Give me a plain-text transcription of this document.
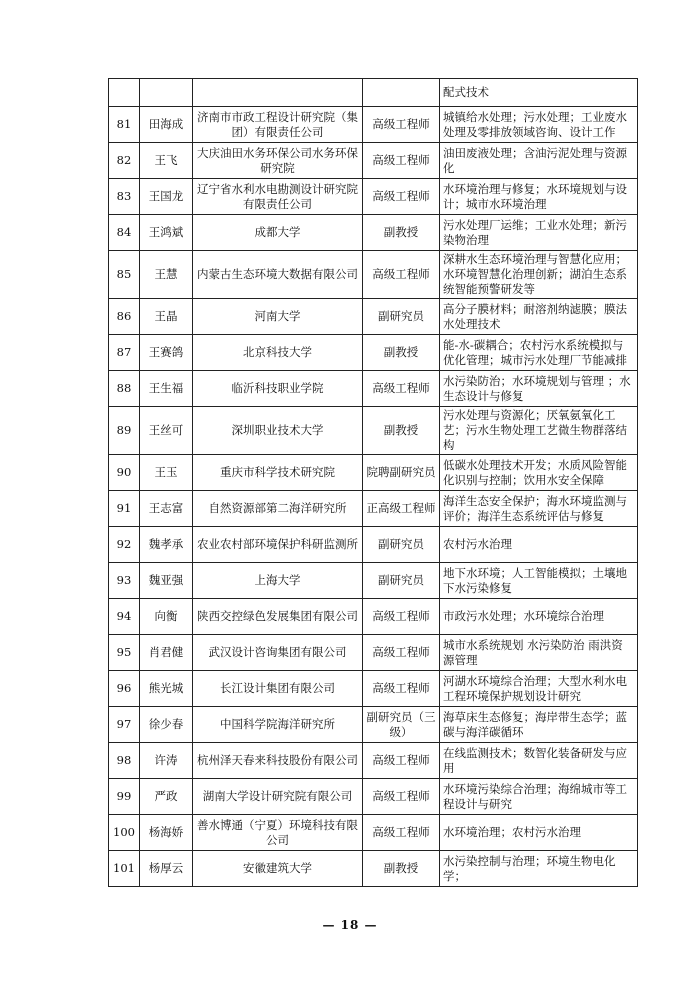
				配式技术
81	田海成	济南市市政工程设计研究院（集团）有限责任公司	高级工程师	城镇给水处理；污水处理；工业废水处理及零排放领域咨询、设计工作
82	王飞	大庆油田水务环保公司水务环保研究院	高级工程师	油田废液处理；含油污泥处理与资源化
83	王国龙	辽宁省水利水电勘测设计研究院有限责任公司	高级工程师	水环境治理与修复；水环境规划与设计；城市水环境治理
84	王鸿斌	成都大学	副教授	污水处理厂运维；工业水处理；新污染物治理
85	王慧	内蒙古生态环境大数据有限公司	高级工程师	深耕水生态环境治理与智慧化应用；水环境智慧化治理创新；湖泊生态系统智能预警研发等
86	王晶	河南大学	副研究员	高分子膜材料；耐溶剂纳滤膜；膜法水处理技术
87	王赛鸽	北京科技大学	副教授	能-水-碳耦合；农村污水系统模拟与优化管理；城市污水处理厂节能减排
88	王生福	临沂科技职业学院	高级工程师	水污染防治；水环境规划与管理 ；水生态设计与修复
89	王丝可	深圳职业技术大学	副教授	污水处理与资源化；厌氧氨氧化工艺；污水生物处理工艺微生物群落结构
90	王玉	重庆市科学技术研究院	院聘副研究员	低碳水处理技术开发；水质风险智能化识别与控制；饮用水安全保障
91	王志富	自然资源部第二海洋研究所	正高级工程师	海洋生态安全保护；海水环境监测与评价；海洋生态系统评估与修复
92	魏孝承	农业农村部环境保护科研监测所	副研究员	农村污水治理
93	魏亚强	上海大学	副研究员	地下水环境；人工智能模拟；土壤地下水污染修复
94	向衡	陕西交控绿色发展集团有限公司	高级工程师	市政污水处理；水环境综合治理
95	肖君健	武汉设计咨询集团有限公司	高级工程师	城市水系统规划 水污染防治 雨洪资源管理
96	熊光城	长江设计集团有限公司	高级工程师	河湖水环境综合治理；大型水利水电工程环境保护规划设计研究
97	徐少春	中国科学院海洋研究所	副研究员（三级）	海草床生态修复；海岸带生态学；蓝碳与海洋碳循环
98	许涛	杭州泽天春来科技股份有限公司	高级工程师	在线监测技术；数智化装备研发与应用
99	严政	湖南大学设计研究院有限公司	高级工程师	水环境污染综合治理；海绵城市等工程设计与研究
100	杨海娇	善水博通（宁夏）环境科技有限公司	高级工程师	水环境治理；农村污水治理
101	杨厚云	安徽建筑大学	副教授	水污染控制与治理；环境生物电化学；
— 18 —
